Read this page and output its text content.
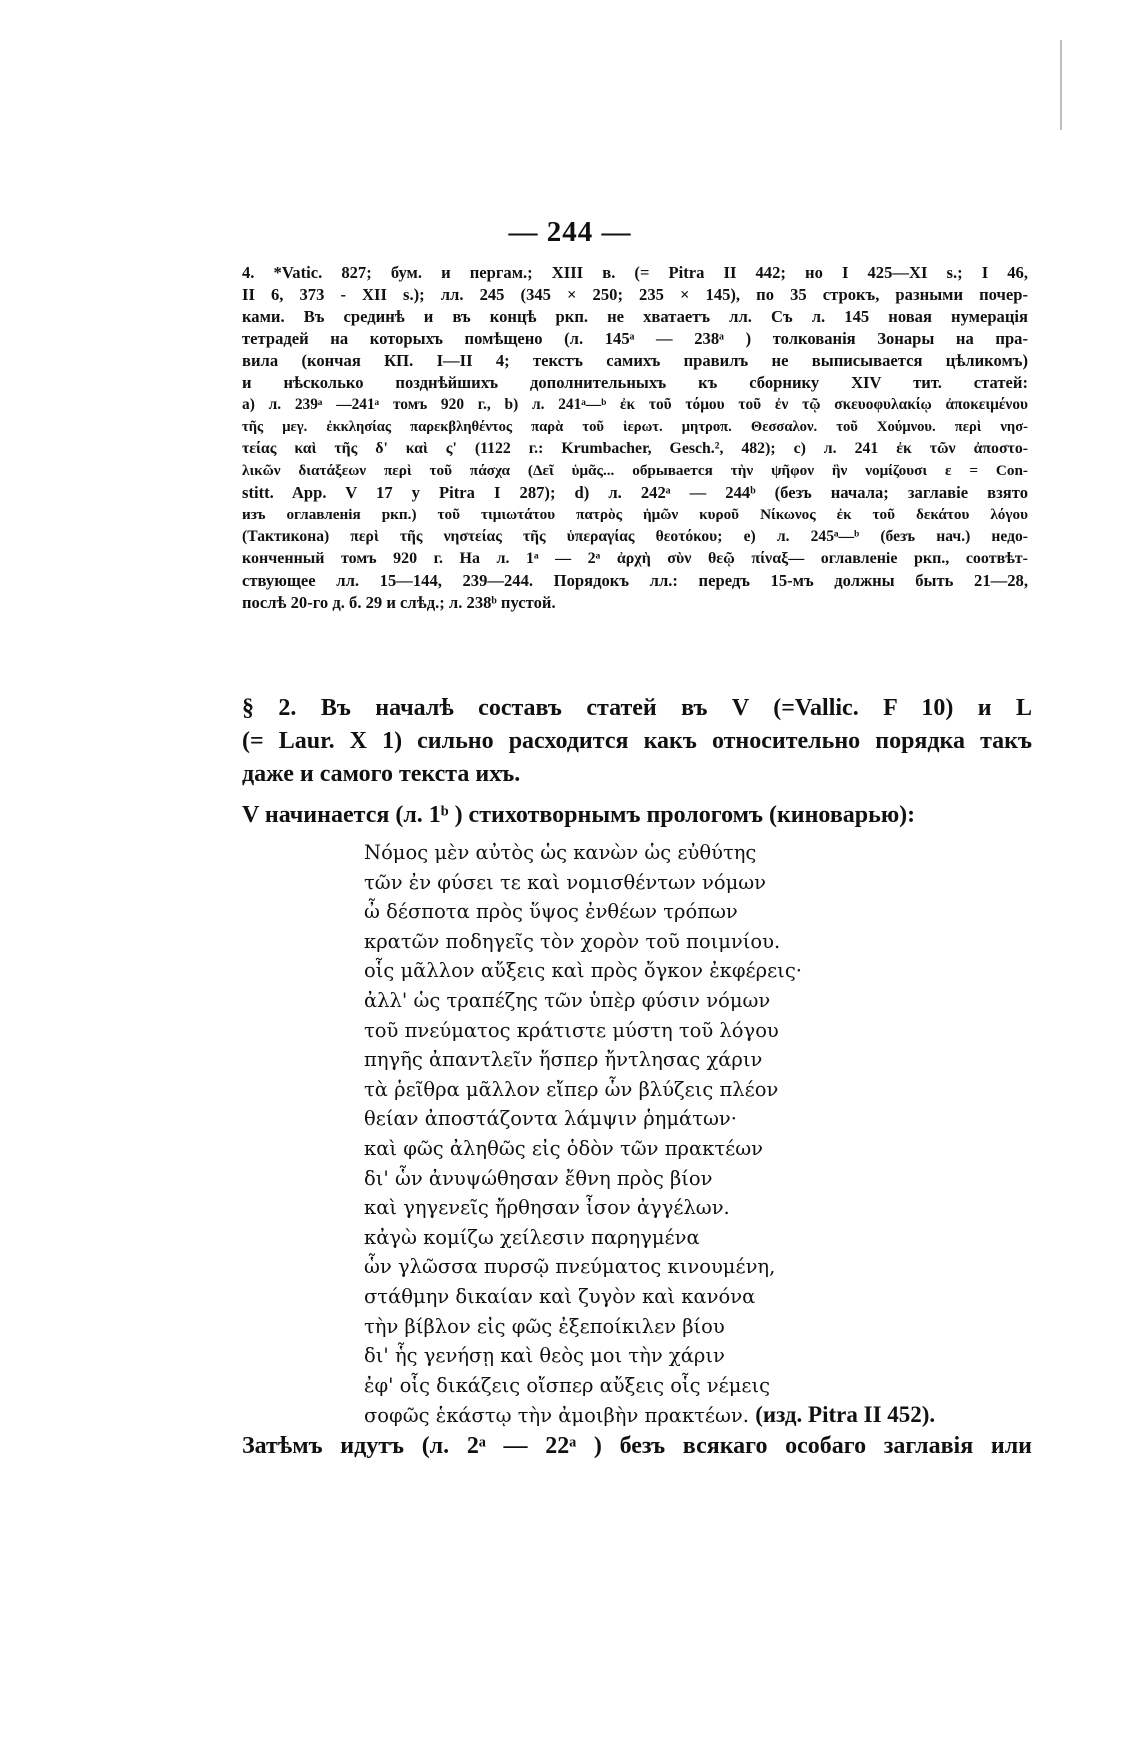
— 244 —
4. *Vatic. 827; бум. и пергам.; XIII в. (= Pitra II 442; но I 425—XI s.; I 46,
II 6, 373 - XII s.); лл. 245 (345 × 250; 235 × 145), по 35 строкъ, разными почер-
ками. Въ срединѣ и въ концѣ ркп. не хватаетъ лл. Съ л. 145 новая нумерація
тетрадей на которыхъ помѣщено (л. 145ᵃ — 238ᵃ ) толкованія Зонары на пра-
вила (кончая КП. I—II 4; текстъ самихъ правилъ не выписывается цѣликомъ)
и нѣсколько позднѣйшихъ дополнительныхъ къ сборнику XIV тит. статей:
a) л. 239ᵃ —241ᵃ томъ 920 г., b) л. 241ᵃ—ᵇ ἐκ τοῦ τόμου τοῦ ἐν τῷ σκευοφυλακίῳ ἀποκειμένου
τῆς μεγ. ἐκκλησίας παρεκβληθέντος παρὰ τοῦ ἱερωτ. μητροπ. Θεσσαλον. τοῦ Χούμνου. περὶ νησ-
τείας καὶ τῆς δ' καὶ ς' (1122 г.: Krumbacher, Gesch.², 482); c) л. 241 ἐκ τῶν ἀποστο-
λικῶν διατάξεων περὶ τοῦ πάσχα (Δεῖ ὑμᾶς... обрывается τὴν ψῆφον ἣν νομίζουσι ε = Con-
stitt. App. V 17 y Pitra I 287); d) л. 242ᵃ — 244ᵇ (безъ начала; заглавіе взято
изъ оглавленія ркп.) τοῦ τιμιωτάτου πατρὸς ἡμῶν κυροῦ Νίκωνος ἐκ τοῦ δεκάτου λόγου
(Тактикона) περὶ τῆς νηστείας τῆς ὑπεραγίας θεοτόκου; e) л. 245ᵃ—ᵇ (безъ нач.) недо-
конченный томъ 920 г. На л. 1ᵃ — 2ᵃ ἀρχὴ σὺν θεῷ πίναξ— оглавленіе ркп., соотвѣт-
ствующее лл. 15—144, 239—244. Порядокъ лл.: передъ 15-мъ должны быть 21—28,
послѣ 20-го д. б. 29 и слѣд.; л. 238ᵇ пустой.
§ 2. Въ началѣ составъ статей въ V (=Vallic. F 10) и L
(= Laur. X 1) сильно расходится какъ относительно порядка такъ
даже и самого текста ихъ.
V начинается (л. 1ᵇ ) стихотворнымъ прологомъ (киноварью):
Νόμος μὲν αὐτὸς ὡς κανὼν ὡς εὐθύτης
τῶν ἐν φύσει τε καὶ νομισθέντων νόμων
ὦ δέσποτα πρὸς ὕψος ἐνθέων τρόπων
κρατῶν ποδηγεῖς τὸν χορὸν τοῦ ποιμνίου.
οἷς μᾶλλον αὔξεις καὶ πρὸς ὄγκον ἐκφέρεις·
ἀλλ' ὡς τραπέζης τῶν ὑπὲρ φύσιν νόμων
τοῦ πνεύματος κράτιστε μύστη τοῦ λόγου
πηγῆς ἀπαντλεῖν ἥσπερ ἤντλησας χάριν
τὰ ῥεῖθρα μᾶλλον εἴπερ ὧν βλύζεις πλέον
θείαν ἀποστάζοντα λάμψιν ῥημάτων·
καὶ φῶς ἀληθῶς εἰς ὁδὸν τῶν πρακτέων
δι' ὧν ἀνυψώθησαν ἔθνη πρὸς βίον
καὶ γηγενεῖς ἤρθησαν ἶσον ἀγγέλων.
κἀγὼ κομίζω χείλεσιν παρηγμένα
ὧν γλῶσσα πυρσῷ πνεύματος κινουμένη,
στάθμην δικαίαν καὶ ζυγὸν καὶ κανόνα
τὴν βίβλον εἰς φῶς ἐξεποίκιλεν βίου
δι' ἧς γενήσῃ καὶ θεὸς μοι τὴν χάριν
ἐφ' οἷς δικάζεις οἴσπερ αὔξεις οἷς νέμεις
σοφῶς ἑκάστῳ τὴν ἀμοιβὴν πρακτέων. (изд. Pitra II 452).
Затѣмъ идутъ (л. 2ᵃ — 22ᵃ ) безъ всякаго особаго заглавія или
